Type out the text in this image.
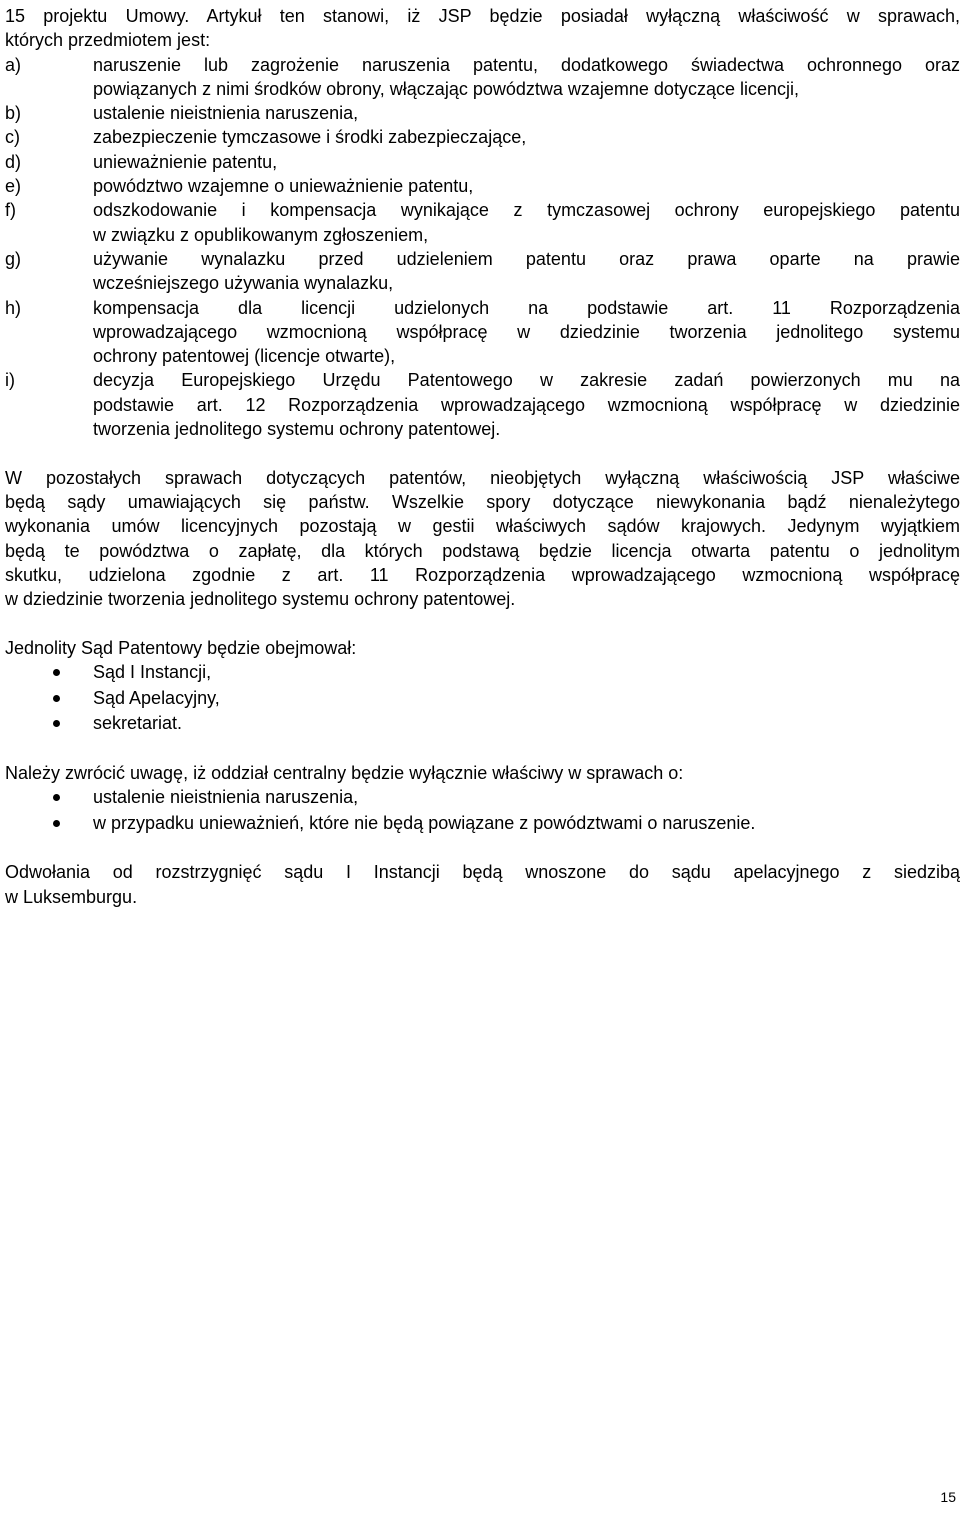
15 projektu Umowy. Artykuł ten stanowi, iż JSP będzie posiadał wyłączną właściwość w sprawach,
których przedmiotem jest:
a)	naruszenie lub zagrożenie naruszenia patentu, dodatkowego świadectwa ochronnego oraz
powiązanych z nimi środków obrony, włączając powództwa wzajemne dotyczące licencji,
b)	ustalenie nieistnienia naruszenia,
c)	zabezpieczenie tymczasowe i środki zabezpieczające,
d)	unieważnienie patentu,
e)	powództwo wzajemne o unieważnienie patentu,
f)	odszkodowanie i kompensacja wynikające z tymczasowej ochrony europejskiego patentu
w związku z opublikowanym zgłoszeniem,
g)	używanie wynalazku przed udzieleniem patentu oraz prawa oparte na prawie
wcześniejszego używania wynalazku,
h)	kompensacja dla licencji udzielonych na podstawie art. 11 Rozporządzenia
wprowadzającego wzmocnioną współpracę w dziedzinie tworzenia jednolitego systemu
ochrony patentowej (licencje otwarte),
i)	decyzja Europejskiego Urzędu Patentowego w zakresie zadań powierzonych mu na
podstawie art. 12 Rozporządzenia wprowadzającego wzmocnioną współpracę w dziedzinie
tworzenia jednolitego systemu ochrony patentowej.
W pozostałych sprawach dotyczących patentów, nieobjętych wyłączną właściwością JSP właściwe
będą sądy umawiających się państw. Wszelkie spory dotyczące niewykonania bądź nienależytego
wykonania umów licencyjnych pozostają w gestii właściwych sądów krajowych. Jedynym wyjątkiem
będą te powództwa o zapłatę, dla których podstawą będzie licencja otwarta patentu o jednolitym
skutku, udzielona zgodnie z art. 11 Rozporządzenia wprowadzającego wzmocnioną współpracę
w dziedzinie tworzenia jednolitego systemu ochrony patentowej.
Jednolity Sąd Patentowy będzie obejmował:
Sąd I Instancji,
Sąd Apelacyjny,
sekretariat.
Należy zwrócić uwagę, iż oddział centralny będzie wyłącznie właściwy w sprawach o:
ustalenie nieistnienia naruszenia,
w przypadku unieważnień, które nie będą powiązane z powództwami o naruszenie.
Odwołania od rozstrzygnięć sądu I Instancji będą wnoszone do sądu apelacyjnego z siedzibą
w Luksemburgu.
15
